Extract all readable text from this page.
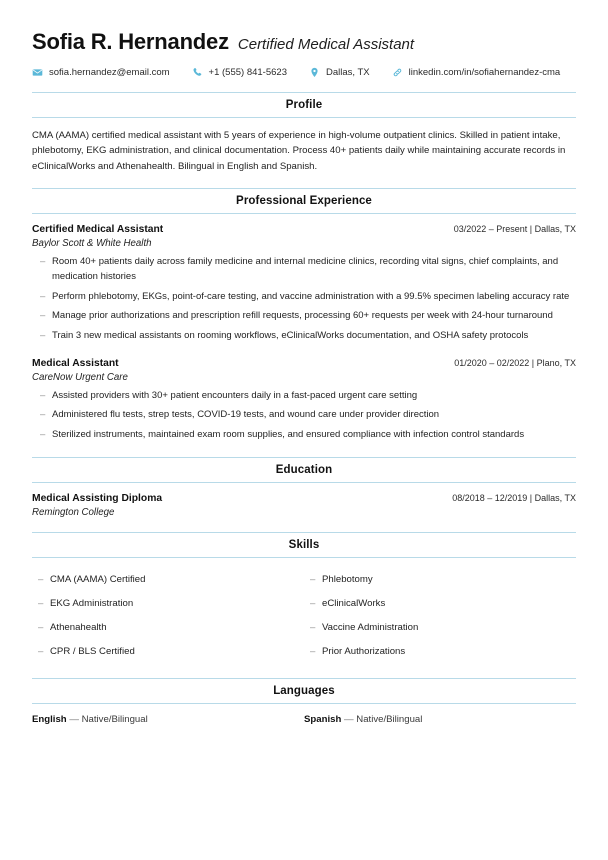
Sofia R. Hernandez Certified Medical Assistant
sofia.hernandez@email.com	+1 (555) 841-5623	Dallas, TX	linkedin.com/in/sofiahernandez-cma
Profile
CMA (AAMA) certified medical assistant with 5 years of experience in high-volume outpatient clinics. Skilled in patient intake, phlebotomy, EKG administration, and clinical documentation. Process 40+ patients daily while maintaining accurate records in eClinicalWorks and Athenahealth. Bilingual in English and Spanish.
Professional Experience
Certified Medical Assistant	03/2022 – Present | Dallas, TX
Baylor Scott & White Health
– Room 40+ patients daily across family medicine and internal medicine clinics, recording vital signs, chief complaints, and medication histories
– Perform phlebotomy, EKGs, point-of-care testing, and vaccine administration with a 99.5% specimen labeling accuracy rate
– Manage prior authorizations and prescription refill requests, processing 60+ requests per week with 24-hour turnaround
– Train 3 new medical assistants on rooming workflows, eClinicalWorks documentation, and OSHA safety protocols
Medical Assistant	01/2020 – 02/2022 | Plano, TX
CareNow Urgent Care
– Assisted providers with 30+ patient encounters daily in a fast-paced urgent care setting
– Administered flu tests, strep tests, COVID-19 tests, and wound care under provider direction
– Sterilized instruments, maintained exam room supplies, and ensured compliance with infection control standards
Education
Medical Assisting Diploma	08/2018 – 12/2019 | Dallas, TX
Remington College
Skills
– CMA (AAMA) Certified	– Phlebotomy
– EKG Administration	– eClinicalWorks
– Athenahealth	– Vaccine Administration
– CPR / BLS Certified	– Prior Authorizations
Languages
English — Native/Bilingual	Spanish — Native/Bilingual
